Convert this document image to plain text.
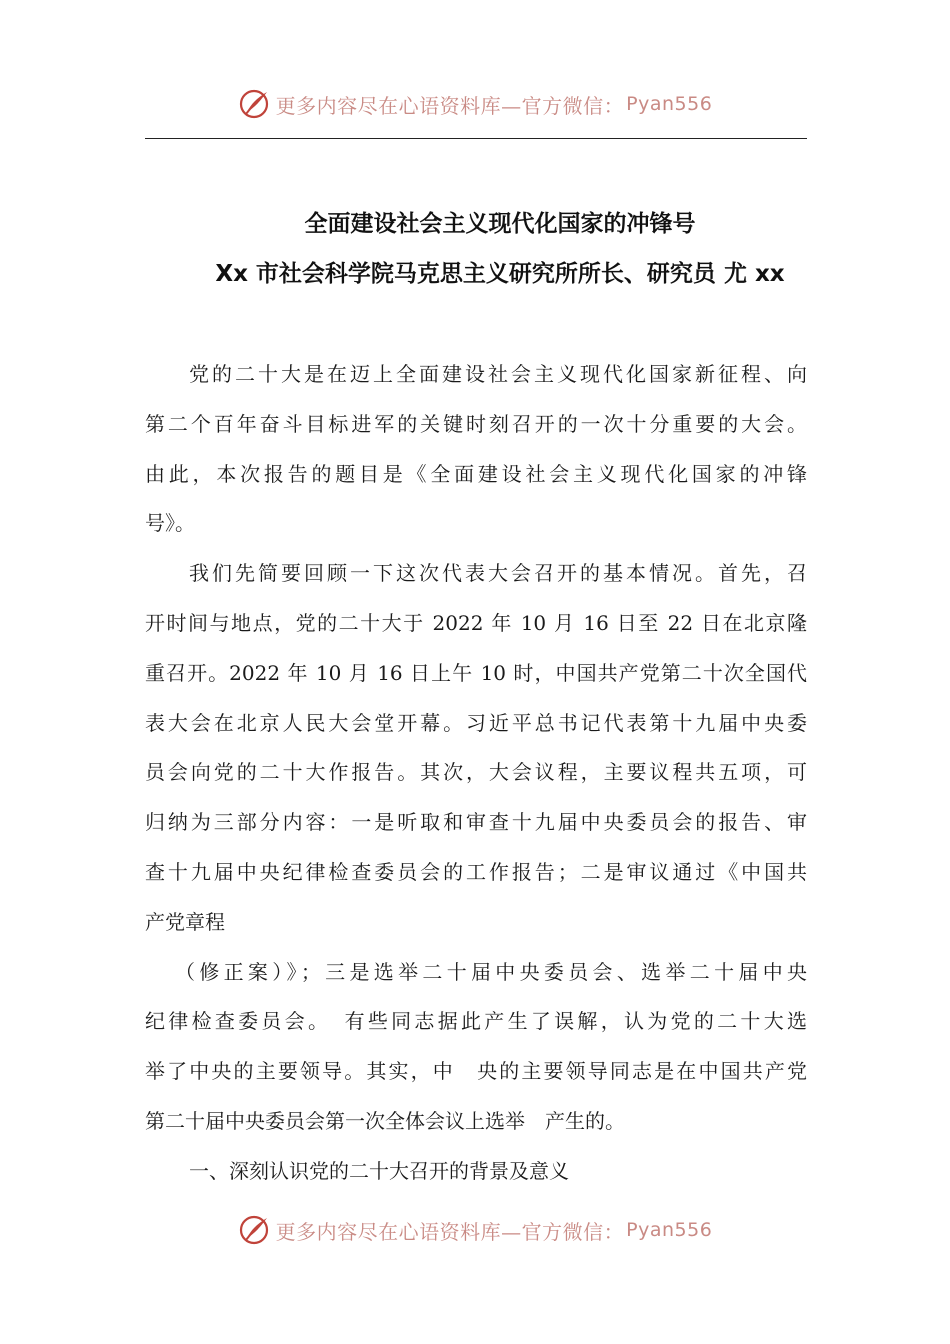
更多内容尽在心语资料库—官方微信： Pyan556
全面建设社会主义现代化国家的冲锋号
Xx 市社会科学院马克思主义研究所所长、研究员 尤 xx
党的二十大是在迈上全面建设社会主义现代化国家新征程、向
第二个百年奋斗目标进军的关键时刻召开的一次十分重要的大会。
由此，本次报告的题目是《全面建设社会主义现代化国家的冲锋
号》。
我们先简要回顾一下这次代表大会召开的基本情况。首先，召
开时间与地点，党的二十大于 2022 年 10 月 16 日至 22 日在北京隆
重召开。2022 年 10 月 16 日上午 10 时，中国共产党第二十次全国代
表大会在北京人民大会堂开幕。习近平总书记代表第十九届中央委
员会向党的二十大作报告。其次，大会议程，主要议程共五项，可
归纳为三部分内容：一是听取和审查十九届中央委员会的报告、审
查十九届中央纪律检查委员会的工作报告；二是审议通过《中国共
产党章程
（修正案）》；三是选举二十届中央委员会、选举二十届中央
纪律检查委员会。　有些同志据此产生了误解，认为党的二十大选
举了中央的主要领导。其实，中　央的主要领导同志是在中国共产党
第二十届中央委员会第一次全体会议上选举　产生的。
一、深刻认识党的二十大召开的背景及意义
更多内容尽在心语资料库—官方微信： Pyan556
